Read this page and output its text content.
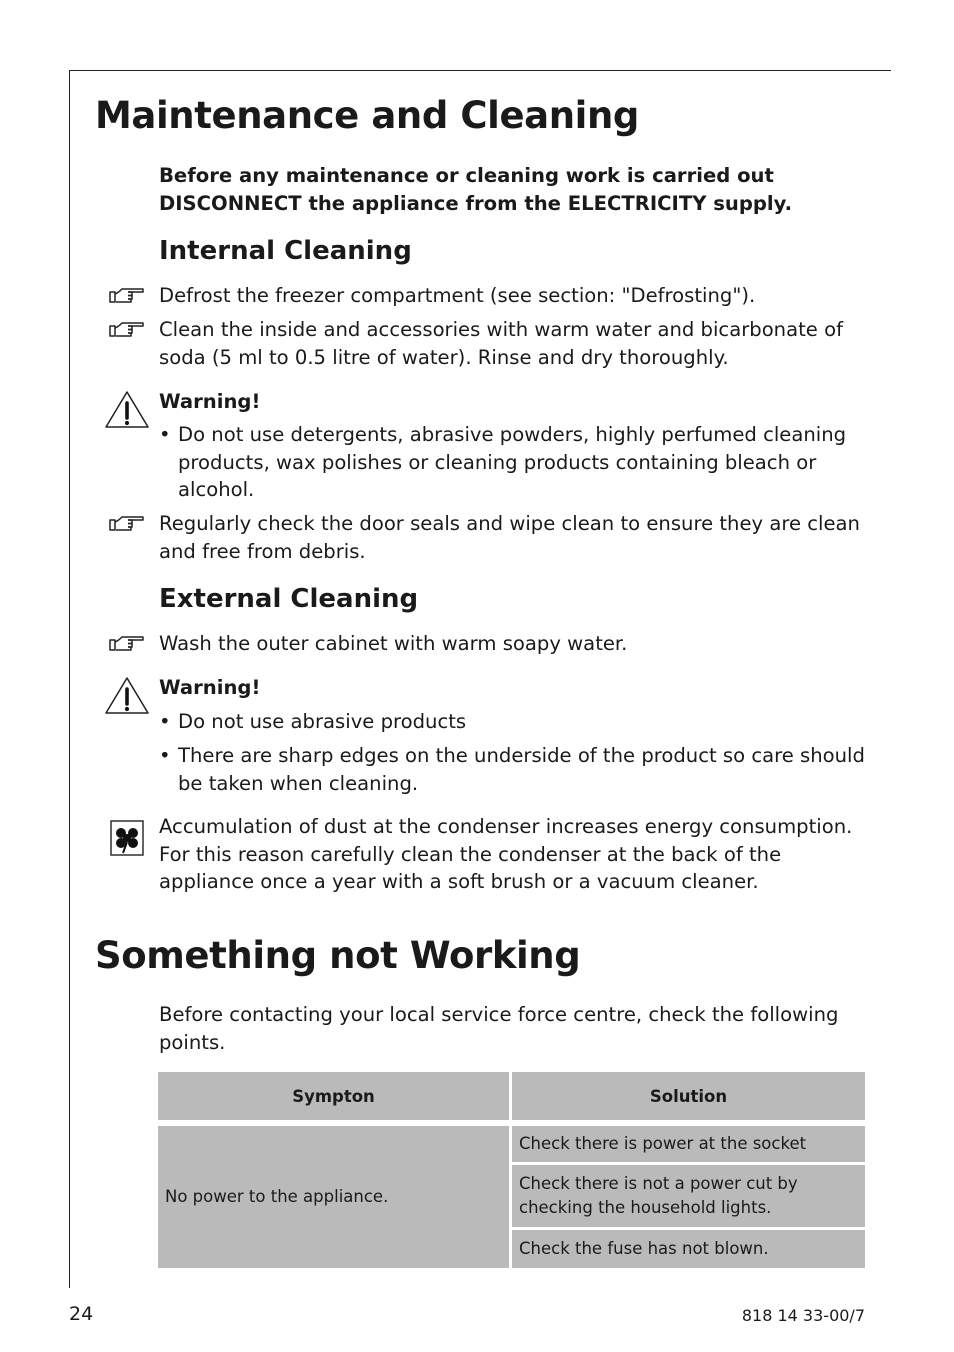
Maintenance and Cleaning

Before any maintenance or cleaning work is carried out DISCONNECT the appliance from the ELECTRICITY supply.

Internal Cleaning

Defrost the freezer compartment (see section: "Defrosting").

Clean the inside and accessories with warm water and bicarbonate of soda (5 ml to 0.5 litre of water). Rinse and dry thoroughly.

Warning!

• Do not use detergents, abrasive powders, highly perfumed cleaning products, wax polishes or cleaning products containing bleach or alcohol.

Regularly check the door seals and wipe clean to ensure they are clean and free from debris.

External Cleaning

Wash the outer cabinet with warm soapy water.

Warning!

• Do not use abrasive products
• There are sharp edges on the underside of the product so care should be taken when cleaning.

Accumulation of dust at the condenser increases energy consumption. For this reason carefully clean the condenser at the back of the appliance once a year with a soft brush or a vacuum cleaner.

Something not Working

Before contacting your local service force centre, check the following points.

Sympton	Solution
No power to the appliance.	Check there is power at the socket
	Check there is not a power cut by checking the household lights.
	Check the fuse has not blown.
24	818 14 33-00/7
